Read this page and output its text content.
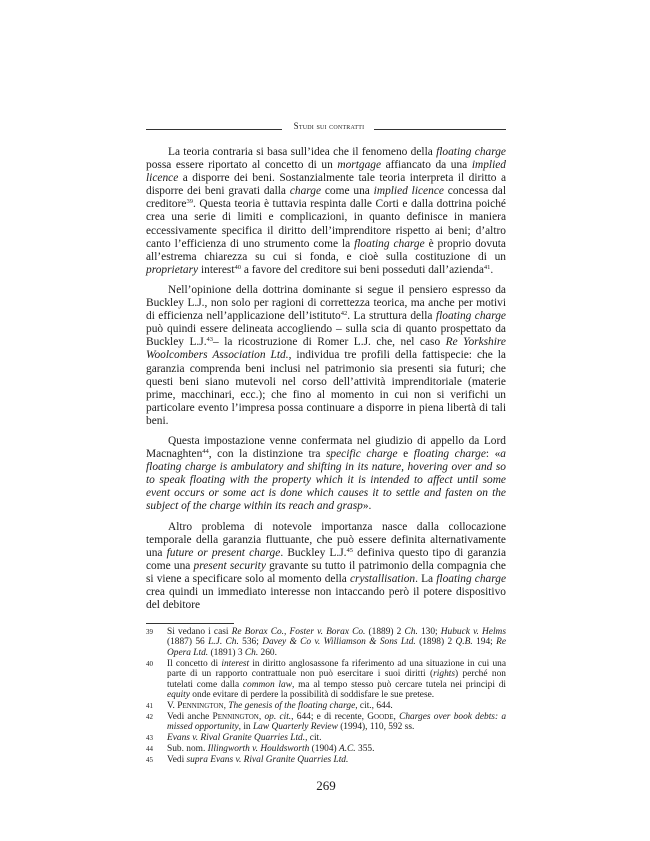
Studi sui contratti

La teoria contraria si basa sull’idea che il fenomeno della floating charge possa essere riportato al concetto di un mortgage affiancato da una implied licence a disporre dei beni. Sostanzialmente tale teoria interpreta il diritto a disporre dei beni gravati dalla charge come una implied licence concessa dal creditore$^{39}$. Questa teoria è tuttavia respinta dalle Corti e dalla dottrina poiché crea una serie di limiti e complicazioni, in quanto definisce in maniera eccessivamente specifica il diritto dell’imprenditore rispetto ai beni; d’altro canto l’efficienza di uno strumento come la floating charge è proprio dovuta all’estrema chiarezza su cui si fonda, e cioè sulla costituzione di un proprietary interest$^{40}$ a favore del creditore sui beni posseduti dall’azienda$^{41}$.

Nell’opinione della dottrina dominante si segue il pensiero espresso da Buckley L.J., non solo per ragioni di correttezza teorica, ma anche per motivi di efficienza nell’applicazione dell’istituto$^{42}$. La struttura della floating charge può quindi essere delineata accogliendo – sulla scia di quanto prospettato da Buckley L.J.$^{43}$– la ricostruzione di Romer L.J. che, nel caso Re Yorkshire Woolcombers Association Ltd., individua tre profili della fattispecie: che la garanzia comprenda beni inclusi nel patrimonio sia presenti sia futuri; che questi beni siano mutevoli nel corso dell’attività imprenditoriale (materie prime, macchinari, ecc.); che fino al momento in cui non si verifichi un particolare evento l’impresa possa continuare a disporre in piena libertà di tali beni.

Questa impostazione venne confermata nel giudizio di appello da Lord Macnaghten$^{44}$, con la distinzione tra specific charge e floating charge: «a floating charge is ambulatory and shifting in its nature, hovering over and so to speak floating with the property which it is intended to affect until some event occurs or some act is done which causes it to settle and fasten on the subject of the charge within its reach and grasp».

Altro problema di notevole importanza nasce dalla collocazione temporale della garanzia fluttuante, che può essere definita alternativamente una future or present charge. Buckley L.J.$^{45}$ definiva questo tipo di garanzia come una present security gravante su tutto il patrimonio della compagnia che si viene a specificare solo al momento della crystallisation. La floating charge crea quindi un immediato interesse non intaccando però il potere dispositivo del debitore

39 Si vedano i casi Re Borax Co., Foster v. Borax Co. (1889) 2 Ch. 130; Hubuck v. Helms (1887) 56 L.J. Ch. 536; Davey & Co v. Williamson & Sons Ltd. (1898) 2 Q.B. 194; Re Opera Ltd. (1891) 3 Ch. 260.
40 Il concetto di interest in diritto anglosassone fa riferimento ad una situazione in cui una parte di un rapporto contrattuale non può esercitare i suoi diritti (rights) perché non tutelati come dalla common law, ma al tempo stesso può cercare tutela nei principi di equity onde evitare di perdere la possibilità di soddisfare le sue pretese.
41 V. Pennington, The genesis of the floating charge, cit., 644.
42 Vedi anche Pennington, op. cit., 644; e di recente, Goode, Charges over book debts: a missed opportunity, in Law Quarterly Review (1994), 110, 592 ss.
43 Evans v. Rival Granite Quarries Ltd., cit.
44 Sub. nom. Illingworth v. Houldsworth (1904) A.C. 355.
45 Vedi supra Evans v. Rival Granite Quarries Ltd.
269
